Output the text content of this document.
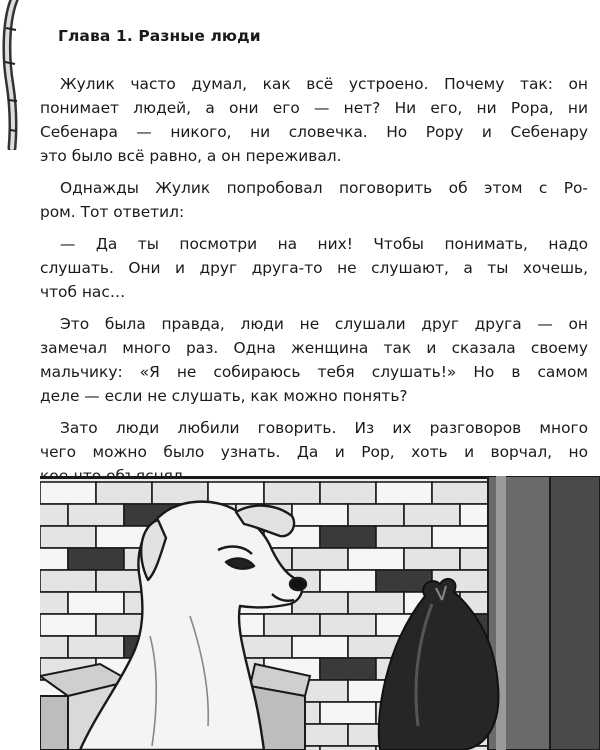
Глава 1. Разные люди

Жулик часто думал, как всё устроено. Почему так: он
понимает людей, а они его — нет? Ни его, ни Рора, ни
Себенара — никого, ни словечка. Но Рору и Себенару
это было всё равно, а он переживал.

Однажды Жулик попробовал поговорить об этом с Ро-
ром. Тот ответил:

— Да ты посмотри на них! Чтобы понимать, надо
слушать. Они и друг друга-то не слушают, а ты хочешь,
чтоб нас…

Это была правда, люди не слушали друг друга — он
замечал много раз. Одна женщина так и сказала своему
мальчику: «Я не собираюсь тебя слушать!» Но в самом
деле — если не слушать, как можно понять?

Зато люди любили говорить. Из их разговоров много
чего можно было узнать. Да и Рор, хоть и ворчал, но
